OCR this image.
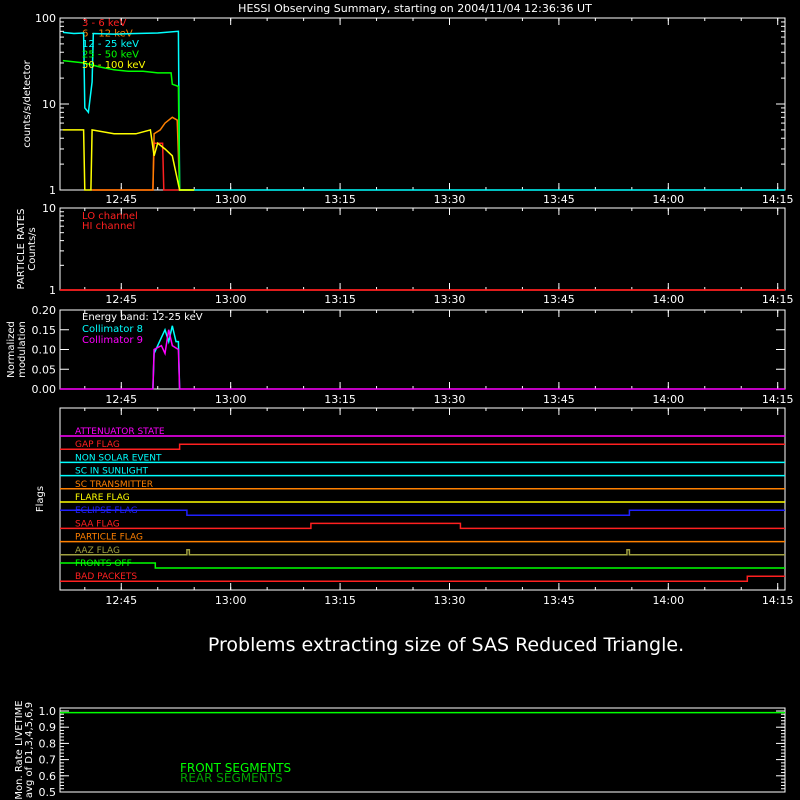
HESSI Observing Summary, starting on 2004/11/04 12:36:36 UT
Problems extracting size of SAS Reduced Triangle.
1
10
100
counts/s/detector
12:45	13:00	13:15	13:30	13:45	14:00	14:15
3 - 6 keV
6 - 12 keV
12 - 25 keV
25 - 50 keV
50 - 100 keV
1
10
PARTICLE RATES Counts/s
12:45	13:00	13:15	13:30	13:45	14:00	14:15
LO channel
HI channel
0.00
0.05
0.10
0.15
0.20
Normalized modulation
12:45	13:00	13:15	13:30	13:45	14:00	14:15
Energy band: 12-25 keV
Collimator 8
Collimator 9
Flags
12:45	13:00	13:15	13:30	13:45	14:00	14:15
ATTENUATOR STATE
GAP FLAG
NON SOLAR EVENT
SC IN SUNLIGHT
SC TRANSMITTER
FLARE FLAG
ECLIPSE FLAG
SAA FLAG
PARTICLE FLAG
AAZ FLAG
FRONTS OFF
BAD PACKETS
0.5
0.6
0.7
0.8
0.9
1.0
Mon. Rate LIVETIME avg of D1,3,4,5,6,9	FRONT SEGMENTS
REAR SEGMENTS
